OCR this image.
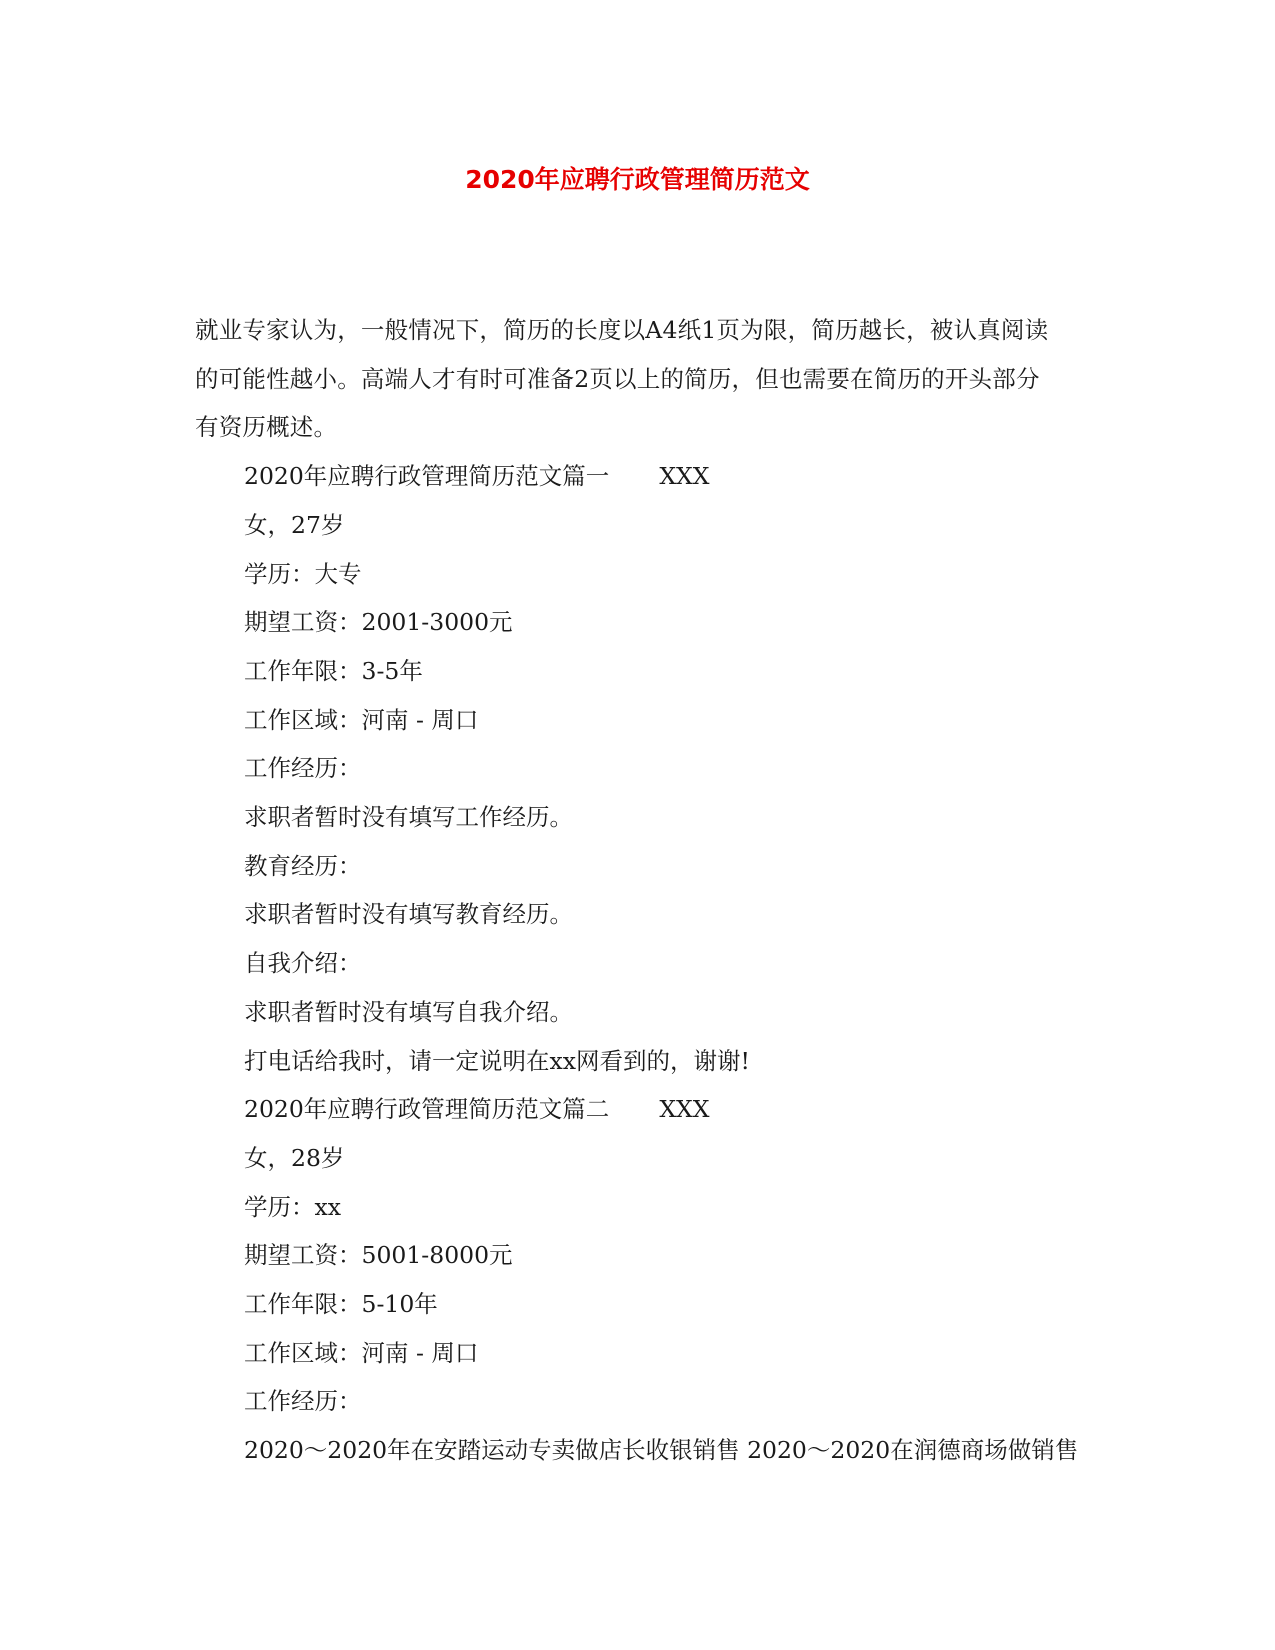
2020年应聘行政管理简历范文

就业专家认为，一般情况下，简历的长度以A4纸1页为限，简历越长，被认真阅读
的可能性越小。高端人才有时可准备2页以上的简历，但也需要在简历的开头部分
有资历概述。

2020年应聘行政管理简历范文篇一 XXX

女，27岁

学历：大专

期望工资：2001-3000元

工作年限：3-5年

工作区域：河南 - 周口

工作经历：

求职者暂时没有填写工作经历。

教育经历：

求职者暂时没有填写教育经历。

自我介绍：

求职者暂时没有填写自我介绍。

打电话给我时，请一定说明在xx网看到的，谢谢!

2020年应聘行政管理简历范文篇二 XXX

女，28岁

学历：xx

期望工资：5001-8000元

工作年限：5-10年

工作区域：河南 - 周口

工作经历：

2020～2020年在安踏运动专卖做店长收银销售 2020～2020在润德商场做销售
